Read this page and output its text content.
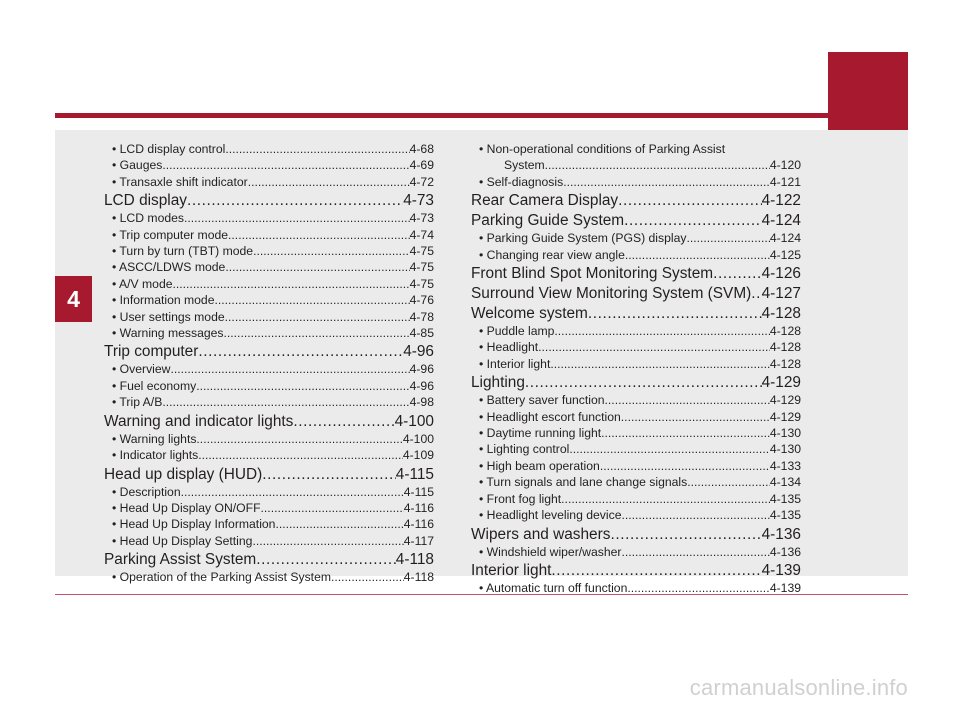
4
• LCD display control .....	4-68
• Gauges .....	4-69
• Transaxle shift indicator .....	4-72
LCD display .....	4-73
• LCD modes .....	4-73
• Trip computer mode .....	4-74
• Turn by turn (TBT) mode .....	4-75
• ASCC/LDWS mode .....	4-75
• A/V mode .....	4-75
• Information mode .....	4-76
• User settings mode .....	4-78
• Warning messages .....	4-85
Trip computer .....	4-96
• Overview .....	4-96
• Fuel economy .....	4-96
• Trip A/B .....	4-98
Warning and indicator lights .....	4-100
• Warning lights .....	4-100
• Indicator lights .....	4-109
Head up display (HUD) .....	4-115
• Description .....	4-115
• Head Up Display ON/OFF .....	4-116
• Head Up Display Information .....	4-116
• Head Up Display Setting .....	4-117
Parking Assist System .....	4-118
• Operation of the Parking Assist System .....	4-118
• Non-operational conditions of Parking Assist
System .....	4-120
• Self-diagnosis .....	4-121
Rear Camera Display .....	4-122
Parking Guide System .....	4-124
• Parking Guide System (PGS) display .....	4-124
• Changing rear view angle .....	4-125
Front Blind Spot Monitoring System .....	4-126
Surround View Monitoring System (SVM) ..... 4-127
Welcome system .....	4-128
• Puddle lamp .....	4-128
• Headlight .....	4-128
• Interior light .....	4-128
Lighting .....	4-129
• Battery saver function .....	4-129
• Headlight escort function .....	4-129
• Daytime running light .....	4-130
• Lighting control .....	4-130
• High beam operation .....	4-133
• Turn signals and lane change signals .....	4-134
• Front fog light .....	4-135
• Headlight leveling device .....	4-135
Wipers and washers .....	4-136
• Windshield wiper/washer .....	4-136
Interior light .....	4-139
• Automatic turn off function .....	4-139
carmanualsonline.info
